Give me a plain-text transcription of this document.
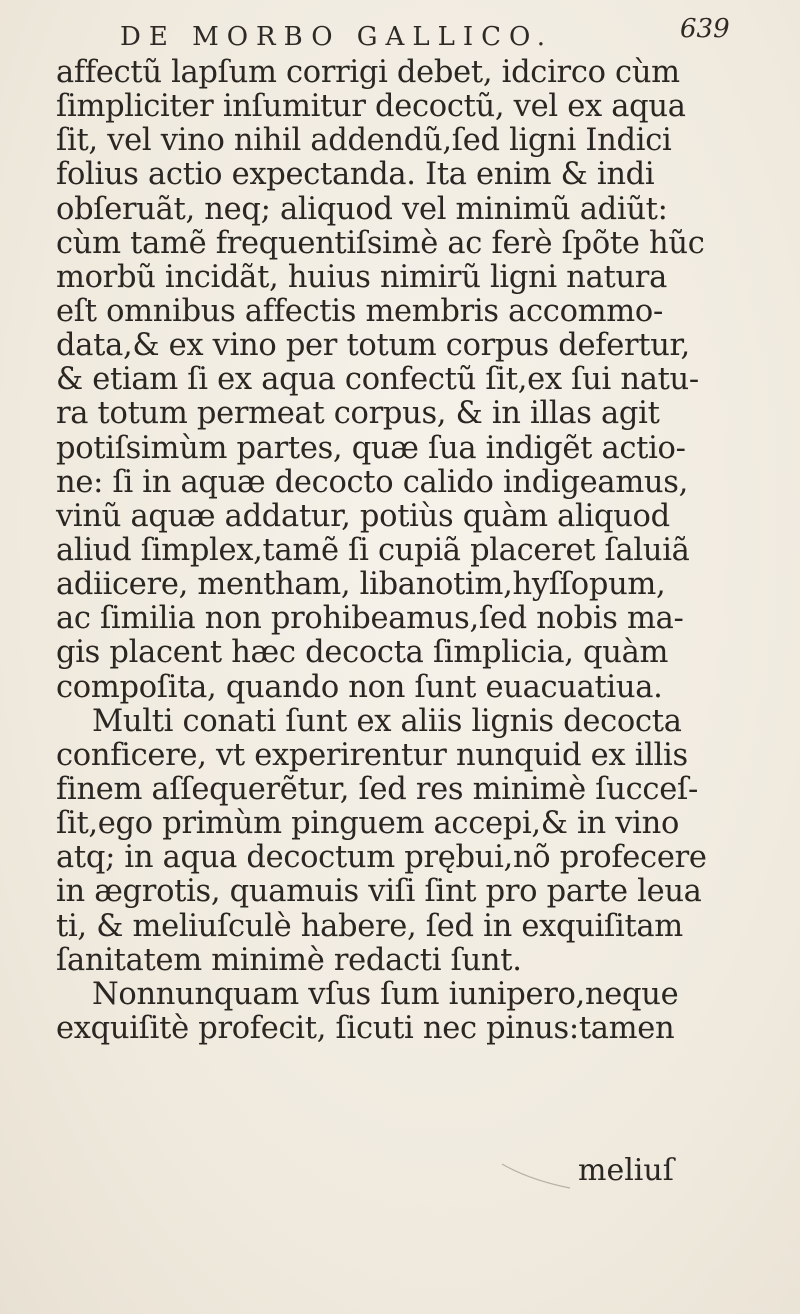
DE MORBO GALLICO.	639
affectũ lapſum corrigi debet, idcirco cùm
ſimpliciter inſumitur decoctũ, vel ex aqua
ſit, vel vino nihil addendũ,ſed ligni Indici
folius actio expectanda. Ita enim & indi
obſeruãt, neq; aliquod vel minimũ adiũt:
cùm tamẽ frequentiſsimè ac ferè ſpõte hũc
morbũ incidãt, huius nimirũ ligni natura
eſt omnibus affectis membris accommo-
data,& ex vino per totum corpus defertur,
& etiam ſi ex aqua confectũ ſit,ex ſui natu-
ra totum permeat corpus, & in illas agit
potiſsimùm partes, quæ ſua indigẽt actio-
ne: ſi in aquæ decocto calido indigeamus,
vinũ aquæ addatur, potiùs quàm aliquod
aliud ſimplex,tamẽ ſi cupiã placeret ſaluiã
adiicere, mentham, libanotim,hyſſopum,
ac ſimilia non prohibeamus,ſed nobis ma-
gis placent hæc decocta ſimplicia, quàm
compoſita, quando non ſunt euacuatiua.
Multi conati ſunt ex aliis lignis decocta
conficere, vt experirentur nunquid ex illis
finem aſſequerẽtur, ſed res minimè ſucceſ-
ſit,ego primùm pinguem accepi,& in vino
atq; in aqua decoctum prębui,nõ profecere
in ægrotis, quamuis viſi ſint pro parte leua
ti, & meliuſculè habere, ſed in exquiſitam
ſanitatem minimè redacti ſunt.
Nonnunquam vſus ſum iunipero,neque
exquiſitè profecit, ſicuti nec pinus:tamen
meliuſ
